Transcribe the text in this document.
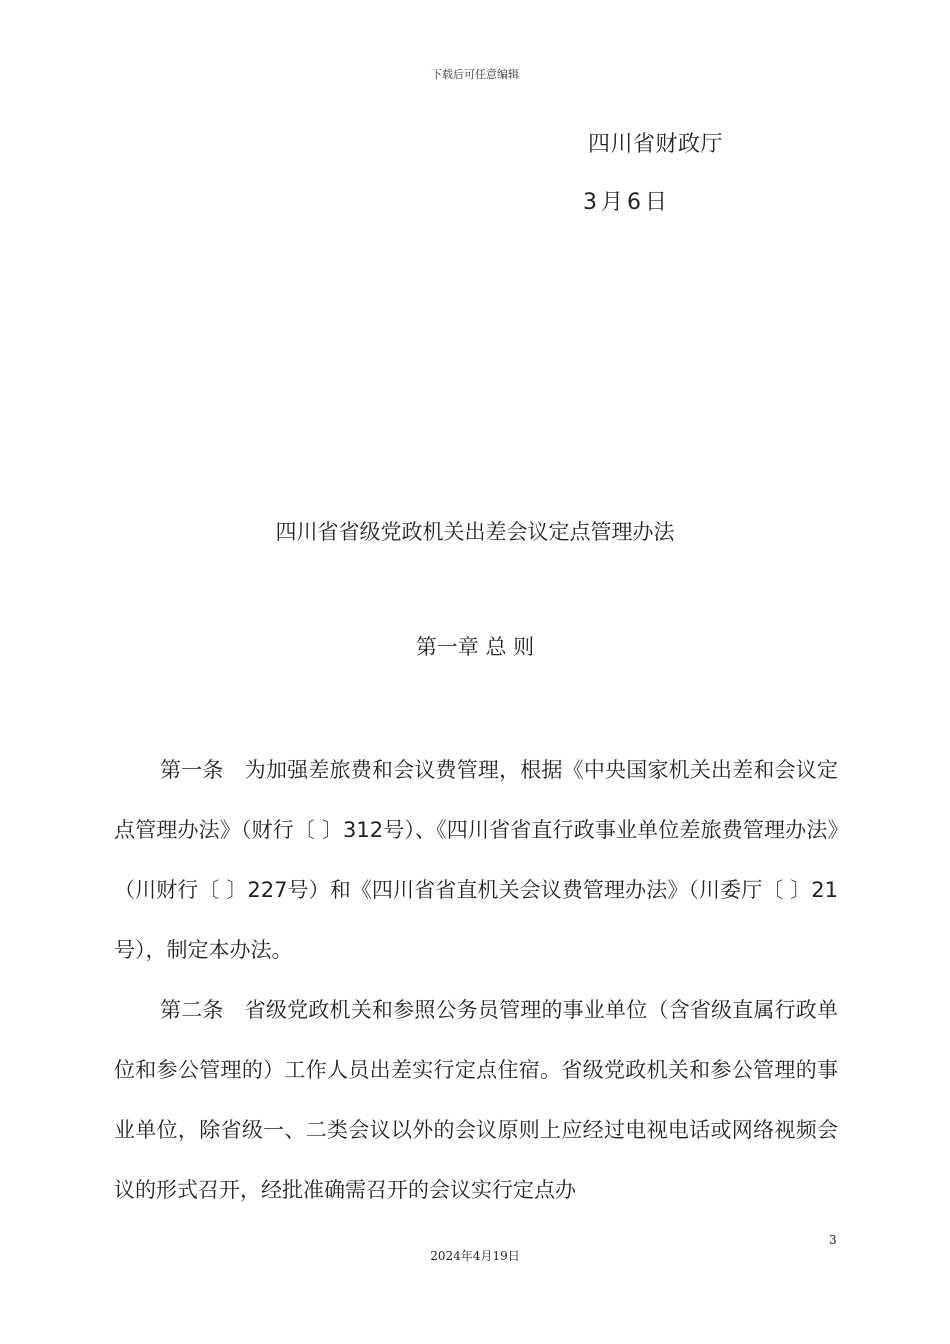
下载后可任意编辑
四川省财政厅
3月6日
四川省省级党政机关出差会议定点管理办法
第一章 总 则

第一条　为加强差旅费和会议费管理，根据《中央国家机关出差和会议定点管理办法》（财行〔 〕312号）、《四川省省直行政事业单位差旅费管理办法》（川财行〔 〕227号）和《四川省省直机关会议费管理办法》（川委厅〔 〕21号），制定本办法。

第二条　省级党政机关和参照公务员管理的事业单位（含省级直属行政单位和参公管理的）工作人员出差实行定点住宿。省级党政机关和参公管理的事业单位，除省级一、二类会议以外的会议原则上应经过电视电话或网络视频会议的形式召开，经批准确需召开的会议实行定点办

3
2024年4月19日
